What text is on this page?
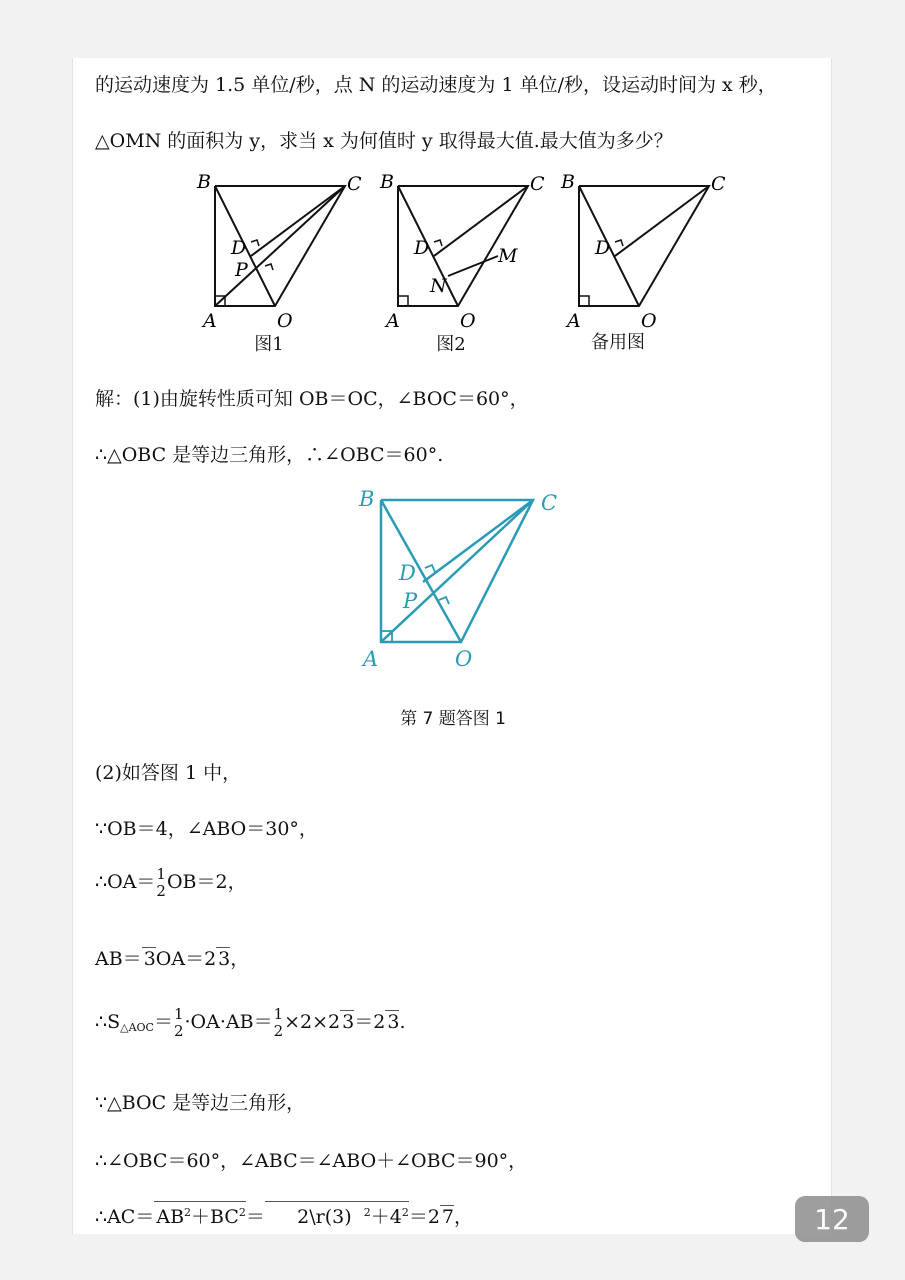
的运动速度为 1.5 单位/秒，点 N 的运动速度为 1 单位/秒，设运动时间为 x 秒，
△OMN 的面积为 y，求当 x 为何值时 y 取得最大值.最大值为多少？
B	C
D
P
A	O
图1
B	C
D
N
M
A	O
图2
B	C
D
A	O
备用图
解：(1)由旋转性质可知 OB＝OC，∠BOC＝60°，
∴△OBC 是等边三角形，∴∠OBC＝60°.
B	C
D
P
A	O
第 7 题答图 1
(2)如答图 1 中，
∵OB＝4，∠ABO＝30°，
∴OA＝ 1
2 OB＝2，
AB＝ 3OA＝2 3，
$\therefore S_{\triangle AOC}= 1$
2 ·OA·AB＝ 1
2 ×2×2 3＝2 3.
∵△BOC 是等边三角形，
∴∠OBC＝60°，∠ABC＝∠ABO＋∠OBC＝90°，
∴AC＝ $AB^2+BC^2=$ 2\r(3) $^2+4^2=2$ 7，	12
